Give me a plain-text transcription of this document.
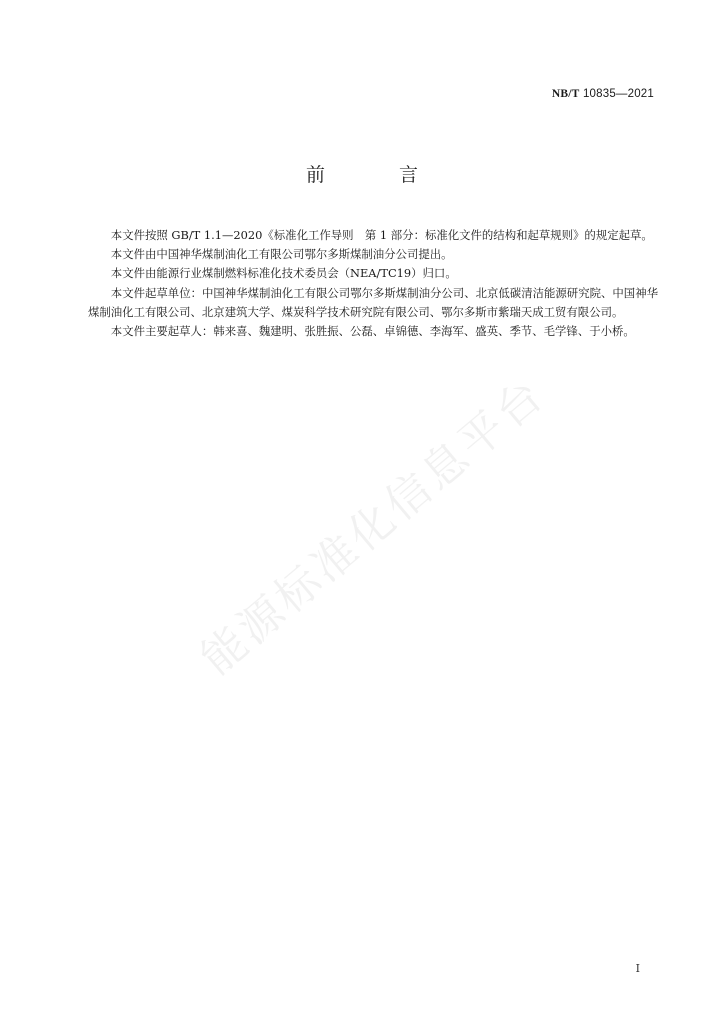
NB/T 10835—2021
前 言

本文件按照 GB/T 1.1—2020《标准化工作导则　第 1 部分：标准化文件的结构和起草规则》的规定起草。

本文件由中国神华煤制油化工有限公司鄂尔多斯煤制油分公司提出。

本文件由能源行业煤制燃料标准化技术委员会（NEA/TC19）归口。

本文件起草单位：中国神华煤制油化工有限公司鄂尔多斯煤制油分公司、北京低碳清洁能源研究院、中国神华煤制油化工有限公司、北京建筑大学、煤炭科学技术研究院有限公司、鄂尔多斯市紫瑞天成工贸有限公司。

本文件主要起草人：韩来喜、魏建明、张胜振、公磊、卓锦德、李海军、盛英、季节、毛学锋、于小桥。

能源标准化信息平台
I
